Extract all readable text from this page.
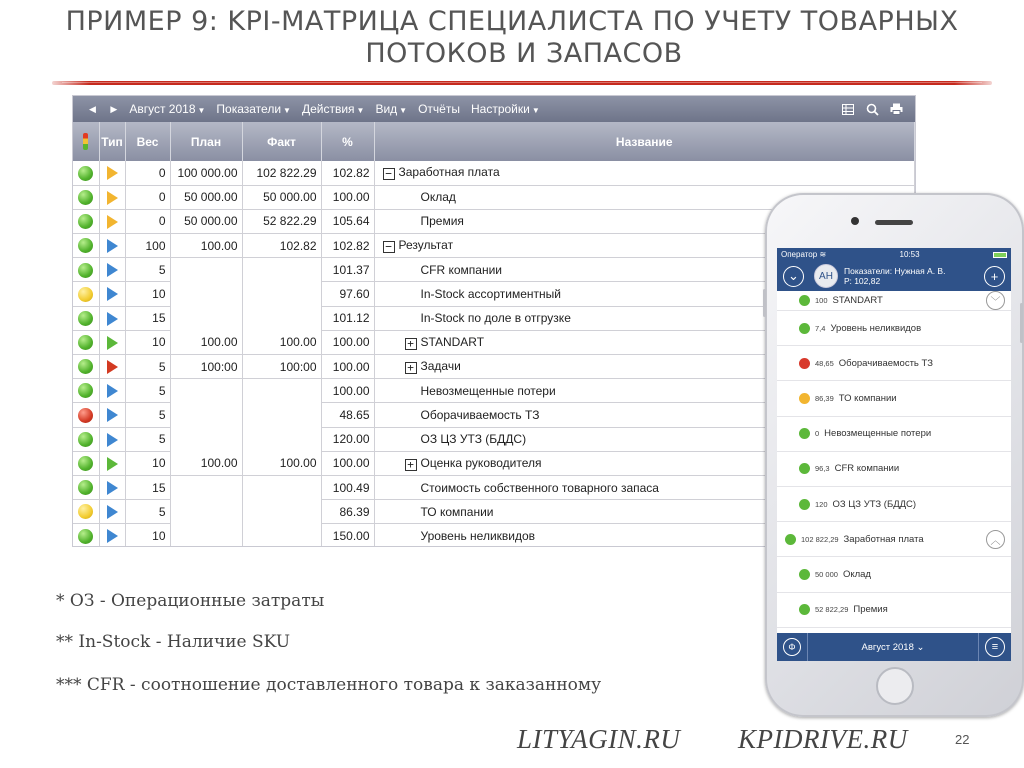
ПРИМЕР 9: KPI-МАТРИЦА СПЕЦИАЛИСТА ПО УЧЕТУ ТОВАРНЫХ
ПОТОКОВ И ЗАПАСОВ
◀ ▶ Август 2018 ▼ Показатели ▼ Действия ▼ Вид ▼ Отчёты Настройки ▼
	Тип	Вес	План	Факт	%	Название
		0	100 000.00	102 822.29	102.82	− Заработная плата
		0	50 000.00	50 000.00	100.00	Оклад
		0	50 000.00	52 822.29	105.64	Премия
		100	100.00	102.82	102.82	− Результат
		5			101.37	CFR компании
		10			97.60	In-Stock ассортиментный
		15			101.12	In-Stock по доле в отгрузке
		10	100.00	100.00	100.00	+ STANDART
		5	100:00	100:00	100.00	+ Задачи
		5			100.00	Невозмещенные потери
		5			48.65	Оборачиваемость ТЗ
		5			120.00	ОЗ ЦЗ УТЗ (БДДС)
		10	100.00	100.00	100.00	+ Оценка руководителя
		15			100.49	Стоимость собственного товарного запаса
		5			86.39	ТО компании
		10			150.00	Уровень неликвидов
* ОЗ - Операционные затраты
** In-Stock - Наличие SKU
*** CFR - соотношение доставленного товара к заказанному
LITYAGIN.RU KPIDRIVE.RU	22
Оператор ≋	10:53
⌄	АН	Показатели: Нужная А. В.
Р: 102,82	+
100 STANDART	﹀
7,4 Уровень неликвидов
48,65 Оборачиваемость ТЗ
86,39 ТО компании
0 Невозмещенные потери
96,3 CFR компании
120 ОЗ ЦЗ УТЗ (БДДС)
102 822,29 Заработная плата	︿
50 000 Оклад
52 822,29 Премия
Φ	Август 2018 ⌄	≡
